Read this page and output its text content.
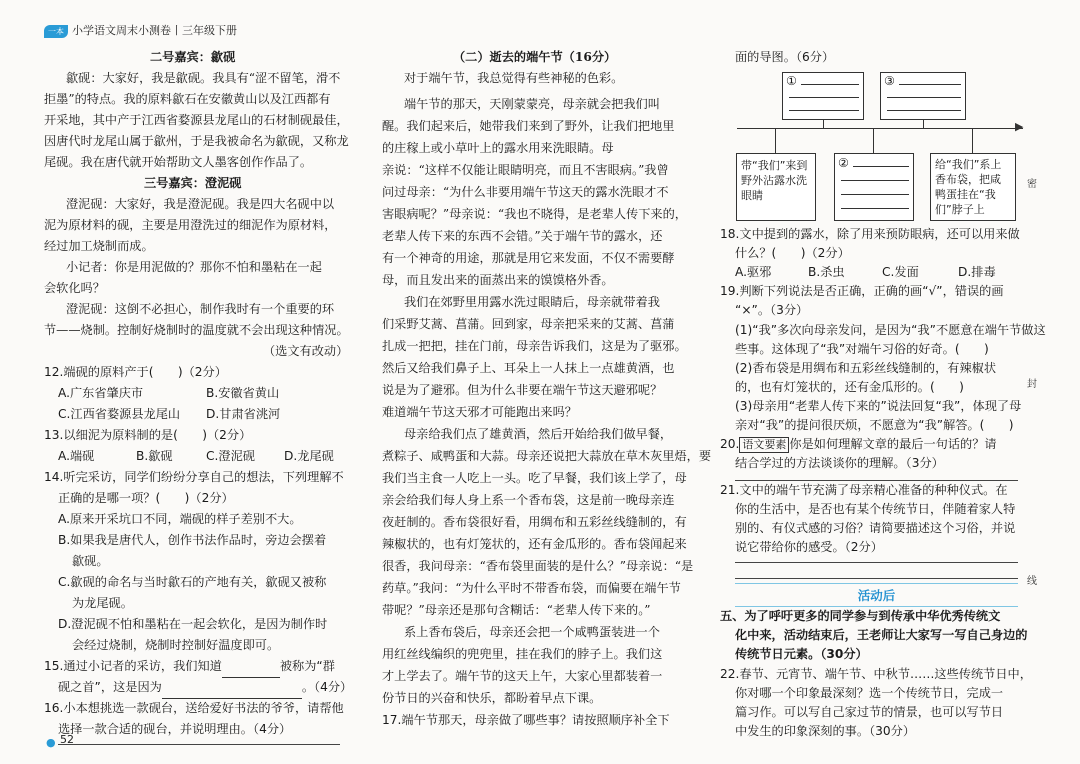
一本 小学语文周末小测卷丨三年级下册
二号嘉宾：歙砚
歙砚：大家好，我是歙砚。我具有“涩不留笔，滑不
拒墨”的特点。我的原料歙石在安徽黄山以及江西都有
开采地，其中产于江西省婺源县龙尾山的石材制砚最佳，
因唐代时龙尾山属于歙州，于是我被命名为歙砚，又称龙
尾砚。我在唐代就开始帮助文人墨客创作作品了。
三号嘉宾：澄泥砚
澄泥砚：大家好，我是澄泥砚。我是四大名砚中以
泥为原材料的砚，主要是用澄洗过的细泥作为原材料，
经过加工烧制而成。
小记者：你是用泥做的？那你不怕和墨粘在一起
会软化吗？
澄泥砚：这倒不必担心，制作我时有一个重要的环
节——烧制。控制好烧制时的温度就不会出现这种情况。
（选文有改动）
12.端砚的原料产于(　　)（2分）
A.广东省肇庆市	B.安徽省黄山
C.江西省婺源县龙尾山 D.甘肃省洮河
13.以细泥为原料制的是(　　)（2分）
A.端砚	B.歙砚	C.澄泥砚 D.龙尾砚
14.听完采访，同学们纷纷分享自己的想法，下列理解不
正确的是哪一项？(　　)（2分）
A.原来开采坑口不同，端砚的样子差别不大。
B.如果我是唐代人，创作书法作品时，旁边会摆着
歙砚。
C.歙砚的命名与当时歙石的产地有关，歙砚又被称
为龙尾砚。
D.澄泥砚不怕和墨粘在一起会软化，是因为制作时
会经过烧制，烧制时控制好温度即可。
15.通过小记者的采访，我们知道	被称为“群
砚之首”，这是因为	。（4分）
16.小本想挑选一款砚台，送给爱好书法的爷爷，请帮他
选择一款合适的砚台，并说明理由。（4分）
● 52
（二）逝去的端午节（16分）
对于端午节，我总觉得有些神秘的色彩。
端午节的那天，天刚蒙蒙亮，母亲就会把我们叫
醒。我们起来后，她带我们来到了野外，让我们把地里
的庄稼上或小草叶上的露水用来洗眼睛。母
亲说：“这样不仅能让眼睛明亮，而且不害眼病。”我曾
问过母亲：“为什么非要用端午节这天的露水洗眼才不
害眼病呢？”母亲说：“我也不晓得，是老辈人传下来的，
老辈人传下来的东西不会错。”关于端午节的露水，还
有一个神奇的用途，那就是用它来发面，不仅不需要酵
母，而且发出来的面蒸出来的馍馍格外香。
我们在郊野里用露水洗过眼睛后，母亲就带着我
们采野艾蒿、菖蒲。回到家，母亲把采来的艾蒿、菖蒲
扎成一把把，挂在门前，母亲告诉我们，这是为了驱邪。
然后又给我们鼻子上、耳朵上一人抹上一点雄黄酒，也
说是为了避邪。但为什么非要在端午节这天避邪呢？
难道端午节这天邪才可能跑出来吗？
母亲给我们点了雄黄酒，然后开始给我们做早餐，
煮粽子、咸鸭蛋和大蒜。母亲还说把大蒜放在草木灰里焐，要
我们当主食一人吃上一头。吃了早餐，我们该上学了，母
亲会给我们每人身上系一个香布袋，这是前一晚母亲连
夜赶制的。香布袋很好看，用绸布和五彩丝线缝制的，有
辣椒状的，也有灯笼状的，还有金瓜形的。香布袋闻起来
很香，我问母亲：“香布袋里面装的是什么？”母亲说：“是
药草。”我问：“为什么平时不带香布袋，而偏要在端午节
带呢？”母亲还是那句含糊话：“老辈人传下来的。”
系上香布袋后，母亲还会把一个咸鸭蛋装进一个
用红丝线编织的兜兜里，挂在我们的脖子上。我们这
才上学去了。端午节的这天上午，大家心里都装着一
份节日的兴奋和快乐，都盼着早点下课。
17.端午节那天，母亲做了哪些事？请按照顺序补全下
面的导图。（6分）
①	③
▶
带“我们”来到野外沾露水洗眼睛
②	给“我们”系上香布袋，把咸鸭蛋挂在“我们”脖子上
18.文中提到的露水，除了用来预防眼病，还可以用来做
什么？(　　)（2分）
A.驱邪	B.杀虫	C.发面	D.排毒
19.判断下列说法是否正确，正确的画“√”，错误的画
“×”。（3分）
(1)“我”多次向母亲发问，是因为“我”不愿意在端午节做这
些事。这体现了“我”对端午习俗的好奇。(　　)
(2)香布袋是用绸布和五彩丝线缝制的，有辣椒状
的，也有灯笼状的，还有金瓜形的。(　　)
(3)母亲用“老辈人传下来的”说法回复“我”，体现了母
亲对“我”的提问很厌烦，不愿意为“我”解答。(　　)
20. 语文要素 你是如何理解文章的最后一句话的？请
结合学过的方法谈谈你的理解。（3分）
21.文中的端午节充满了母亲精心准备的种种仪式。在
你的生活中，是否也有某个传统节日，伴随着家人特
别的、有仪式感的习俗？请简要描述这个习俗，并说
说它带给你的感受。（2分）
活动后
五、为了呼吁更多的同学参与到传承中华优秀传统文
化中来，活动结束后，王老师让大家写一写自己身边的
传统节日元素。（30分）
22.春节、元宵节、端午节、中秋节……这些传统节日中，
你对哪一个印象最深刻？选一个传统节日，完成一
篇习作。可以写自己家过节的情景，也可以写节日
中发生的印象深刻的事。（30分）
密
封
线
